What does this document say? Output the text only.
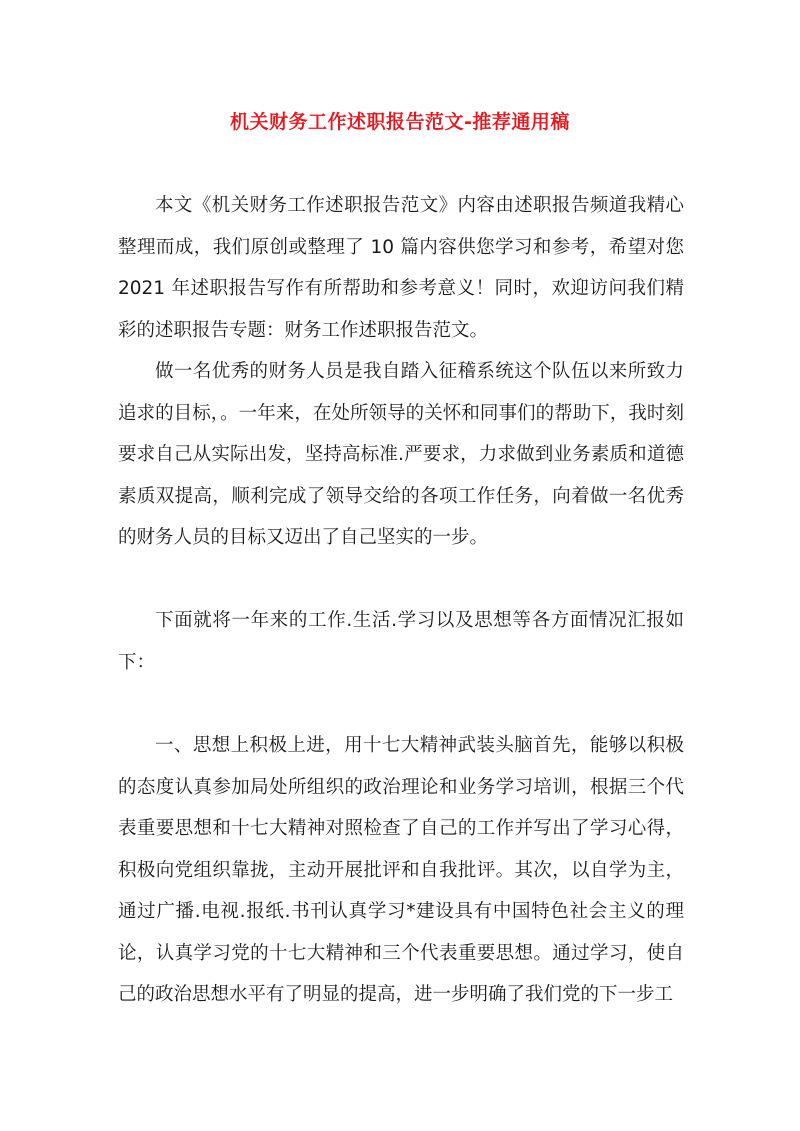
机关财务工作述职报告范文-推荐通用稿

本文《机关财务工作述职报告范文》内容由述职报告频道我精心整理而成，我们原创或整理了 10 篇内容供您学习和参考，希望对您 2021 年述职报告写作有所帮助和参考意义！同时，欢迎访问我们精彩的述职报告专题：财务工作述职报告范文。

做一名优秀的财务人员是我自踏入征稽系统这个队伍以来所致力追求的目标，。一年来，在处所领导的关怀和同事们的帮助下，我时刻要求自己从实际出发，坚持高标准.严要求，力求做到业务素质和道德素质双提高，顺利完成了领导交给的各项工作任务，向着做一名优秀的财务人员的目标又迈出了自己坚实的一步。

下面就将一年来的工作.生活.学习以及思想等各方面情况汇报如下：

一、思想上积极上进，用十七大精神武装头脑首先，能够以积极的态度认真参加局处所组织的政治理论和业务学习培训，根据三个代表重要思想和十七大精神对照检查了自己的工作并写出了学习心得，积极向党组织靠拢，主动开展批评和自我批评。其次，以自学为主，通过广播.电视.报纸.书刊认真学习*建设具有中国特色社会主义的理论，认真学习党的十七大精神和三个代表重要思想。通过学习，使自己的政治思想水平有了明显的提高，进一步明确了我们党的下一步工
